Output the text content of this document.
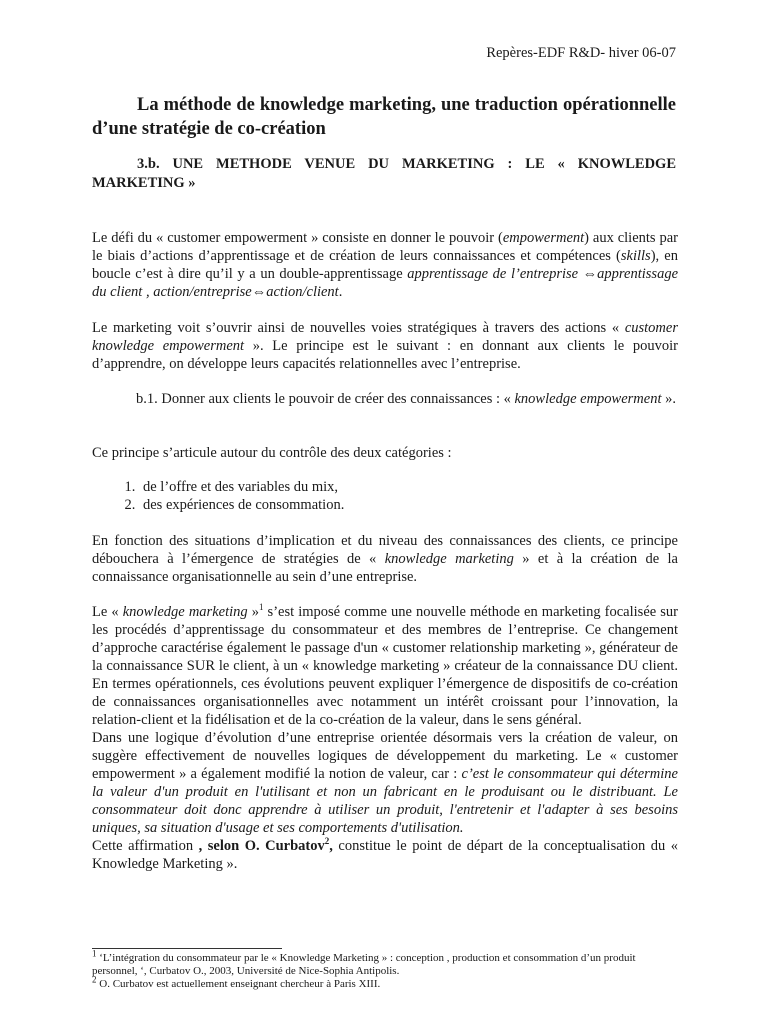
Repères-EDF R&D- hiver 06-07
La méthode de knowledge marketing, une traduction opérationnelle d’une stratégie de co-création
3.b. UNE METHODE VENUE DU MARKETING : LE « KNOWLEDGE MARKETING »

Le défi du « customer empowerment » consiste en donner le pouvoir (empowerment) aux clients par le biais d’actions d’apprentissage et de création de leurs connaissances et compétences (skills), en boucle c’est à dire qu’il y a un double-apprentissage apprentissage de l’entreprise ⇔apprentissage du client , action/entreprise⇔action/client.

Le marketing voit s’ouvrir ainsi de nouvelles voies stratégiques à travers des actions « customer knowledge empowerment ». Le principe est le suivant : en donnant aux clients le pouvoir d’apprendre, on développe leurs capacités relationnelles avec l’entreprise.

b.1. Donner aux clients le pouvoir de créer des connaissances : « knowledge empowerment ».

Ce principe s’articule autour du contrôle des deux catégories :

1. de l’offre et des variables du mix,
2. des expériences de consommation.

En fonction des situations d’implication et du niveau des connaissances des clients, ce principe débouchera à l’émergence de stratégies de « knowledge marketing » et à la création de la connaissance organisationnelle au sein d’une entreprise.

Le « knowledge marketing »$^1$ s’est imposé comme une nouvelle méthode en marketing focalisée sur les procédés d’apprentissage du consommateur et des membres de l’entreprise. Ce changement d’approche caractérise également le passage d'un « customer relationship marketing », générateur de la connaissance SUR le client, à un « knowledge marketing » créateur de la connaissance DU client. En termes opérationnels, ces évolutions peuvent expliquer l’émergence de dispositifs de co-création de connaissances organisationnelles avec notamment un intérêt croissant pour l’innovation, la relation-client et la fidélisation et de la co-création de la valeur, dans le sens général.
Dans une logique d’évolution d’une entreprise orientée désormais vers la création de valeur, on suggère effectivement de nouvelles logiques de développement du marketing. Le « customer empowerment » a également modifié la notion de valeur, car : c’est le consommateur qui détermine la valeur d'un produit en l'utilisant et non un fabricant en le produisant ou le distribuant. Le consommateur doit donc apprendre à utiliser un produit, l'entretenir et l'adapter à ses besoins uniques, sa situation d'usage et ses comportements d'utilisation.
Cette affirmation , selon O. Curbatov$^2$, constitue le point de départ de la conceptualisation du « Knowledge Marketing ».

$^1$ ‘L’intégration du consommateur par le « Knowledge Marketing » : conception , production et consommation d’un produit personnel, ‘, Curbatov O., 2003, Université de Nice-Sophia Antipolis.

$^2$ O. Curbatov est actuellement enseignant chercheur à Paris XIII.
